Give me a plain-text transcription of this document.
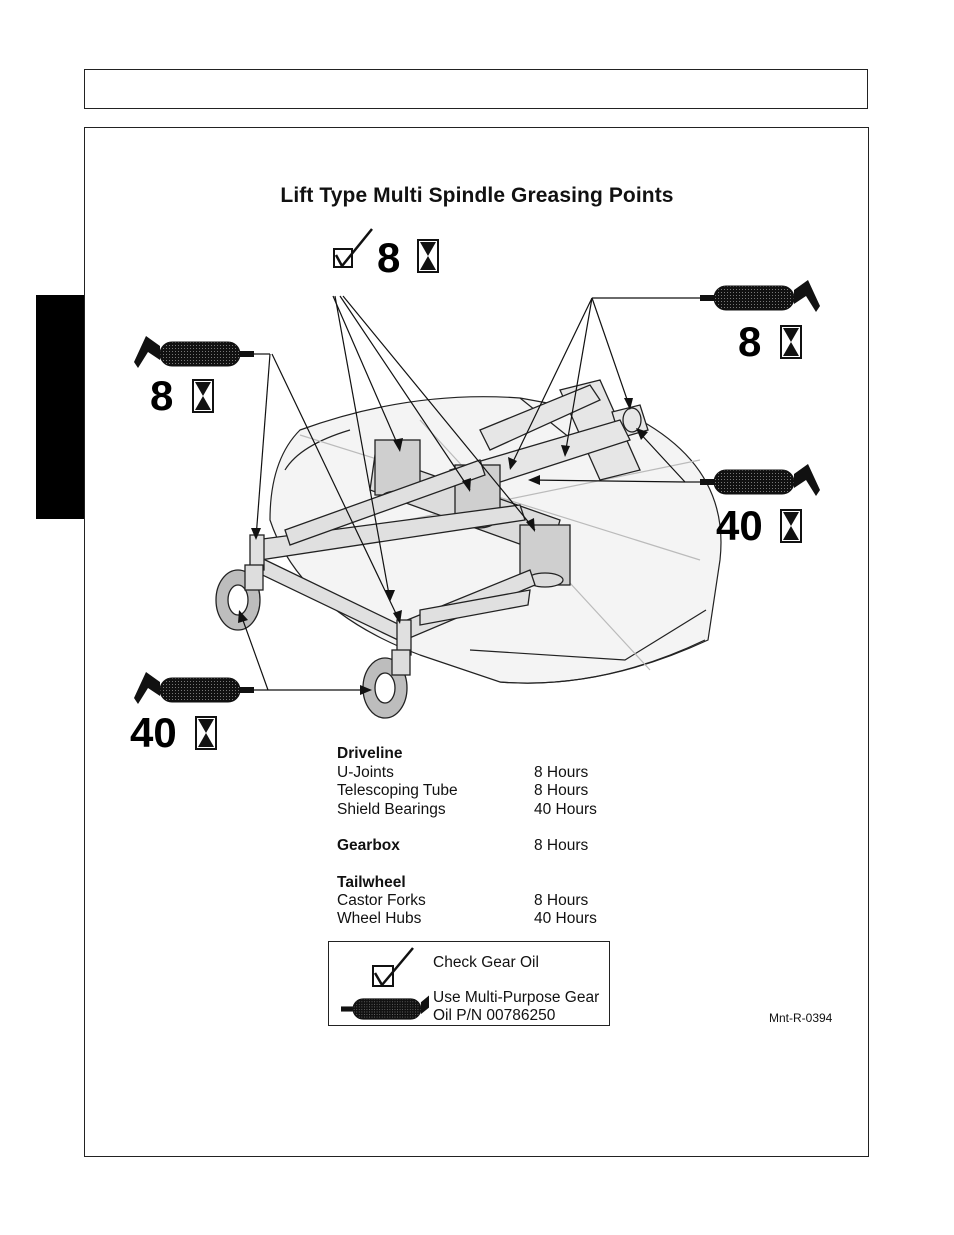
Lift Type Multi Spindle Greasing Points
8
8
8
40
40	Driveline
U-Joints	8 Hours
Telescoping Tube	8 Hours
Shield Bearings	40 Hours
Gearbox	8 Hours
Tailwheel
Castor Forks	8 Hours
Wheel Hubs	40 Hours
Check Gear Oil
Use Multi-Purpose Gear
Oil P/N 00786250	Mnt-R-0394
